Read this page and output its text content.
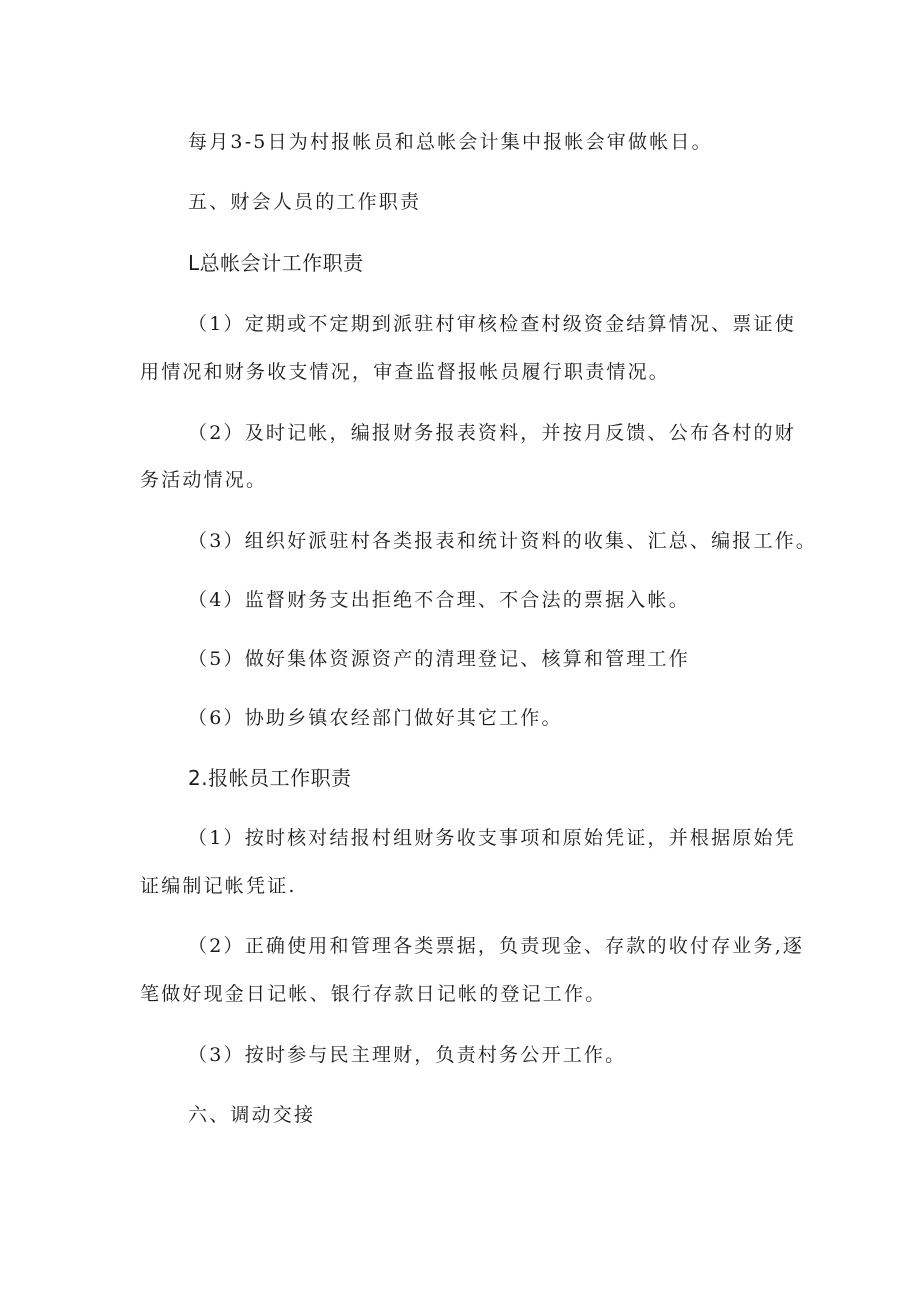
每月3-5日为村报帐员和总帐会计集中报帐会审做帐日。
五、财会人员的工作职责
L总帐会计工作职责
（1）定期或不定期到派驻村审核检查村级资金结算情况、票证使
用情况和财务收支情况，审查监督报帐员履行职责情况。
（2）及时记帐，编报财务报表资料，并按月反馈、公布各村的财
务活动情况。
（3）组织好派驻村各类报表和统计资料的收集、汇总、编报工作。
（4）监督财务支出拒绝不合理、不合法的票据入帐。
（5）做好集体资源资产的清理登记、核算和管理工作
（6）协助乡镇农经部门做好其它工作。
2.报帐员工作职责
（1）按时核对结报村组财务收支事项和原始凭证，并根据原始凭
证编制记帐凭证.
（2）正确使用和管理各类票据，负责现金、存款的收付存业务,逐
笔做好现金日记帐、银行存款日记帐的登记工作。
（3）按时参与民主理财，负责村务公开工作。
六、调动交接
